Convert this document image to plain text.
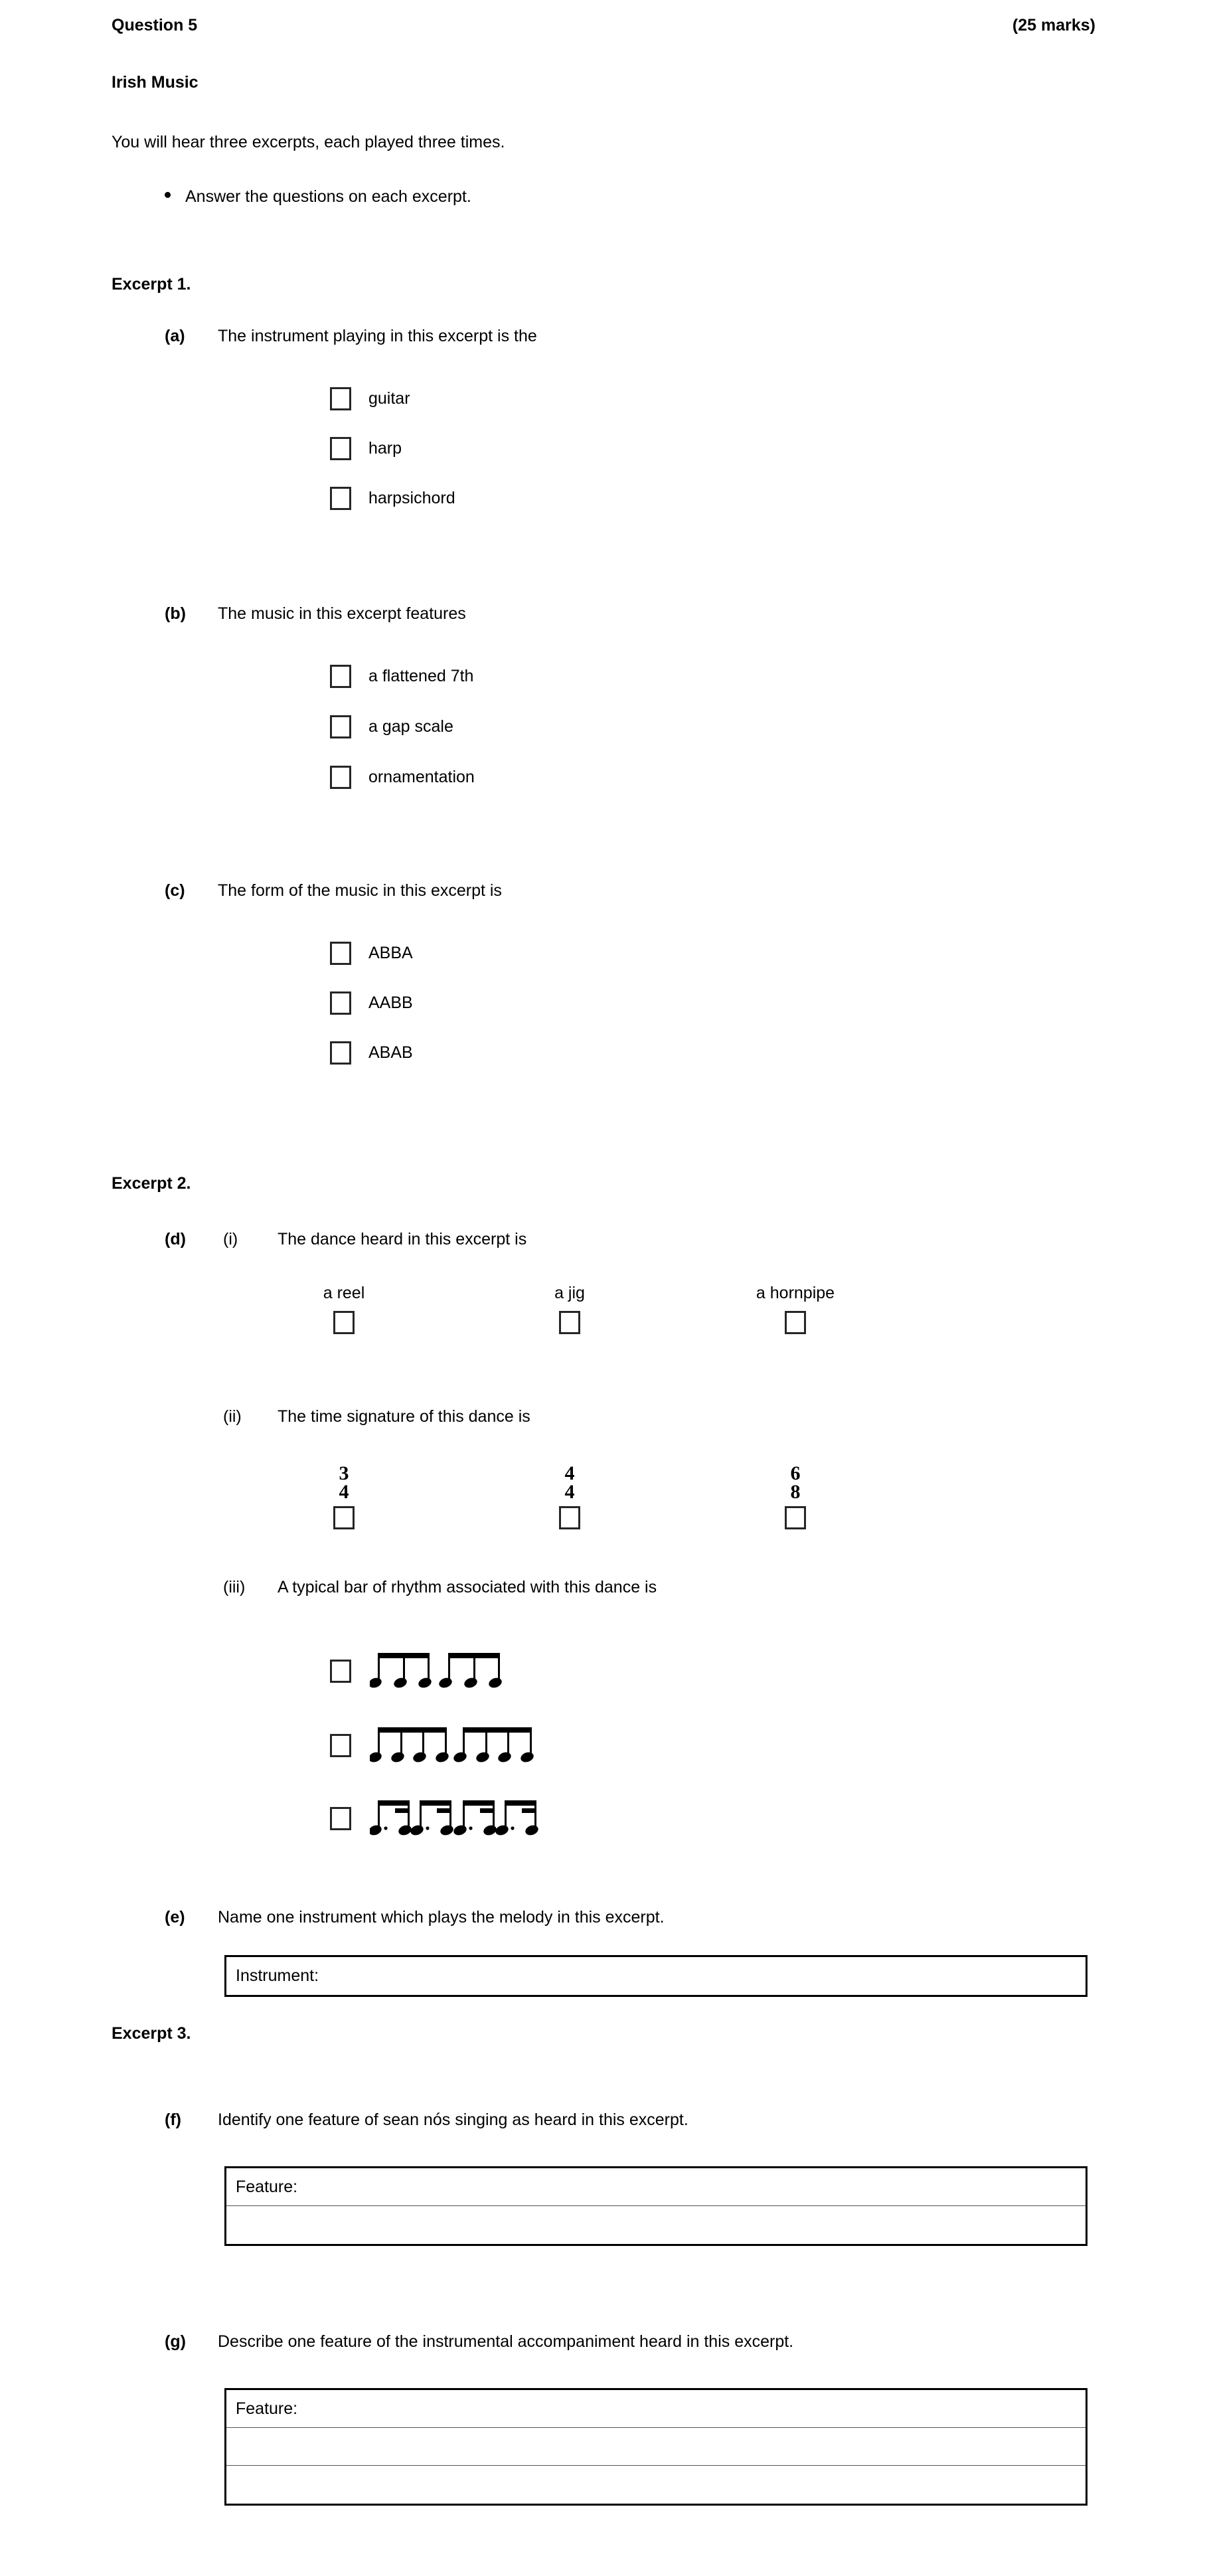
Question 5	(25 marks)
Irish Music
You will hear three excerpts, each played three times.
Answer the questions on each excerpt.
Excerpt 1.
(a)	The instrument playing in this excerpt is the
guitar
harp
harpsichord
(b)	The music in this excerpt features
a flattened 7th
a gap scale
ornamentation
(c)	The form of the music in this excerpt is
ABBA
AABB
ABAB
Excerpt 2.
(d)	(i) The dance heard in this excerpt is
a reel	a jig	a hornpipe
(ii) The time signature of this dance is
3
4
4
4
6
8
(iii) A typical bar of rhythm associated with this dance is
(e)	Name one instrument which plays the melody in this excerpt.
Instrument:
Excerpt 3.
(f)	Identify one feature of sean nós singing as heard in this excerpt.
Feature:
(g)	Describe one feature of the instrumental accompaniment heard in this excerpt.
Feature:
